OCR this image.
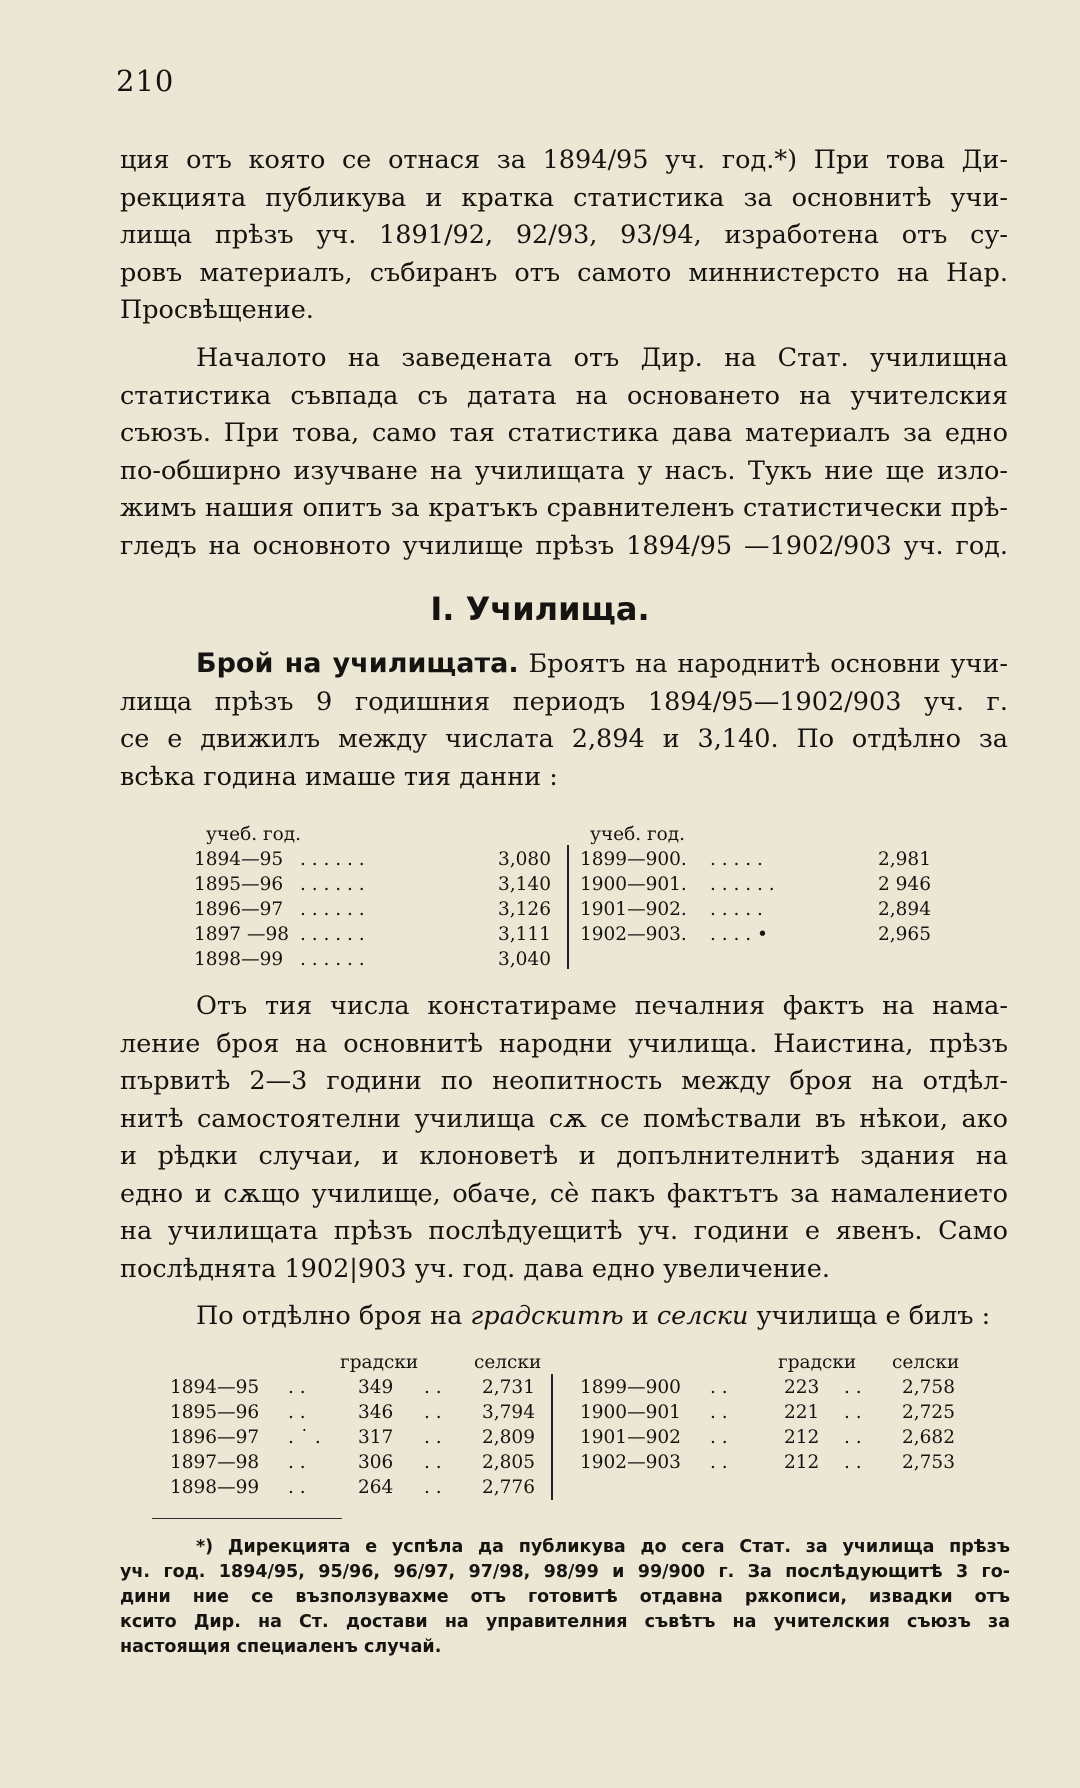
210
ция отъ която се отнася за 1894/95 уч. год.*) При това Ди-
рекцията публикува и кратка статистика за основнитѣ учи-
лища прѣзъ уч. 1891/92, 92/93, 93/94, изработена отъ су-
ровъ материалъ, събиранъ отъ самото миннистерсто на Нар.
Просвѣщение.
Началото на заведената отъ Дир. на Стат. училищна
статистика съвпада съ датата на основането на учителския
съюзъ. При това, само тая статистика дава материалъ за едно
по-обширно изучване на училищата у насъ. Тукъ ние ще изло-
жимъ нашия опитъ за кратъкъ сравнителенъ статистически прѣ-
гледъ на основното училище прѣзъ 1894/95 —1902/903 уч. год.
I. Училища.
Брой на училищата. Броятъ на народнитѣ основни учи-
лища прѣзъ 9 годишния периодъ 1894/95—1902/903 уч. г.
се е движилъ между числата 2,894 и 3,140. По отдѣлно за
всѣка година имаше тия данни :
учеб. год.
1894—95 . . . . . .	3,080
1895—96 . . . . . .	3,140
1896—97 . . . . . .	3,126
1897 —98 . . . . . .	3,111
1898—99 . . . . . .	3,040
учеб. год.
1899—900. . . . . .	2,981
1900—901. . . . . . .	2 946
1901—902. . . . . .	2,894
1902—903. . . . . •	2,965
Отъ тия числа констатираме печалния фактъ на нама-
ление броя на основнитѣ народни училища. Наистина, прѣзъ
първитѣ 2—3 години по неопитность между броя на отдѣл-
нитѣ самостоятелни училища сѫ се помѣствали въ нѣкои, ако
и рѣдки случаи, и клоноветѣ и допълнителнитѣ здания на
едно и сѫщо училище, обаче, сѐ пакъ фактътъ за намалението
на училищата прѣзъ послѣдуещитѣ уч. години е явенъ. Само
послѣднята 1902|903 уч. год. дава едно увеличение.
По отдѣлно броя на градскитѣ и селски училища е билъ :
градски	селски
1894—95 . .	349 . . 2,731
1895—96 . .	346 . . 3,794
1896—97 . ˙ . 317 . . 2,809
1897—98 . .	306 . . 2,805
1898—99 . .	264 . . 2,776
градски селски
1899—900 . .	223 . . 2,758
1900—901 . .	221 . . 2,725
1901—902 . .	212 . . 2,682
1902—903 . .	212 . . 2,753
*) Дирекцията е успѣла да публикува до сега Стат. за училища прѣзъ
уч. год. 1894/95, 95/96, 96/97, 97/98, 98/99 и 99/900 г. За послѣдующитѣ 3 го-
дини ние се възползувахме отъ готовитѣ отдавна рѫкописи, извадки отъ
ксито Дир. на Ст. достави на управителния съвѣтъ на учителския съюзъ за
настоящия специаленъ случай.
